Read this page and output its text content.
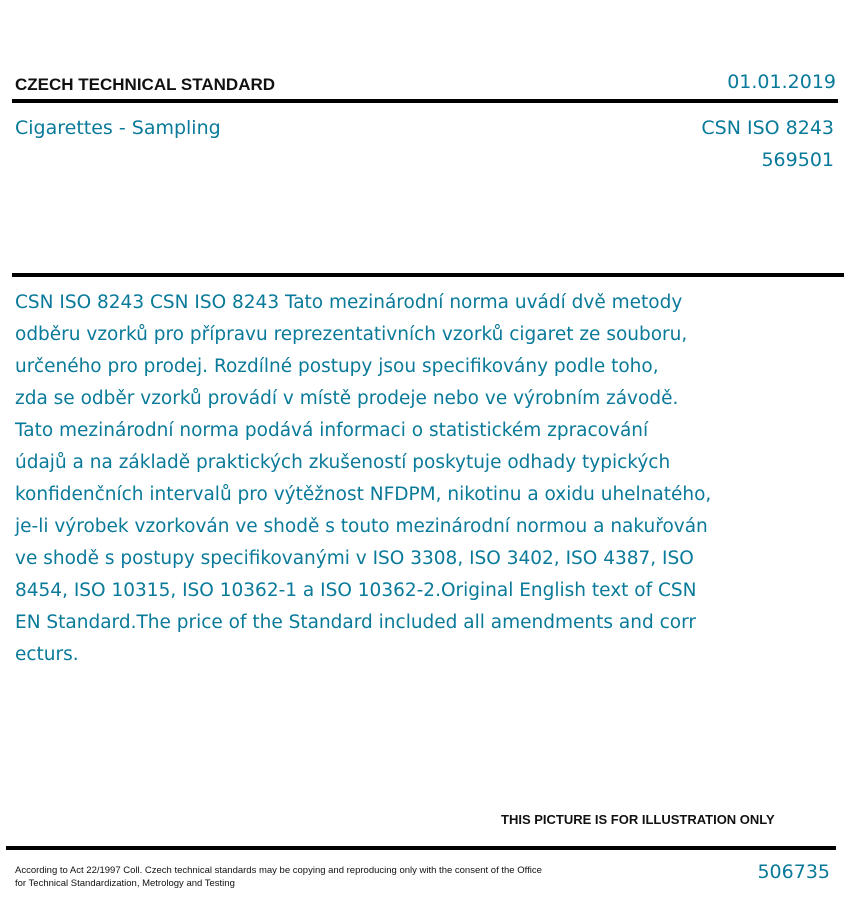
CZECH TECHNICAL STANDARD	01.01.2019
Cigarettes - Sampling	CSN ISO 8243
569501
CSN ISO 8243 CSN ISO 8243 Tato mezinárodní norma uvádí dvě metody
odběru vzorků pro přípravu reprezentativních vzorků cigaret ze souboru,
určeného pro prodej. Rozdílné postupy jsou specifikovány podle toho,
zda se odběr vzorků provádí v místě prodeje nebo ve výrobním závodě.
Tato mezinárodní norma podává informaci o statistickém zpracování
údajů a na základě praktických zkušeností poskytuje odhady typických
konfidenčních intervalů pro výtěžnost NFDPM, nikotinu a oxidu uhelnatého,
je-li výrobek vzorkován ve shodě s touto mezinárodní normou a nakuřován
ve shodě s postupy specifikovanými v ISO 3308, ISO 3402, ISO 4387, ISO
8454, ISO 10315, ISO 10362-1 a ISO 10362-2.Original English text of CSN
EN Standard.The price of the Standard included all amendments and corr
ecturs.
THIS PICTURE IS FOR ILLUSTRATION ONLY
According to Act 22/1997 Coll. Czech technical standards may be copying and reproducing only with the consent of the Office
for Technical Standardization, Metrology and Testing
506735
